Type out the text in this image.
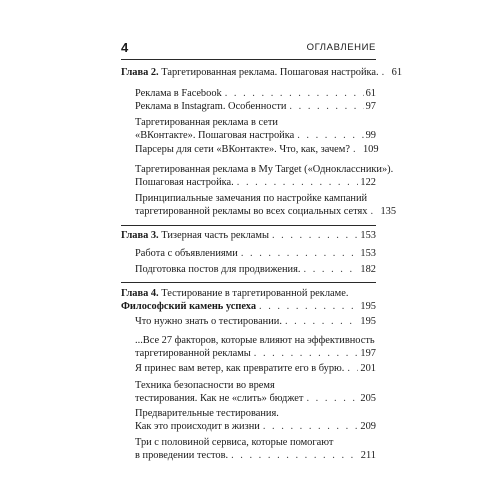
4	ОГЛАВЛЕНИЕ
Глава 2.
Таргетированная реклама. Пошаговая настройка. . . . 61
Реклама в Facebook . . .	61
Реклама в Instagram. Особенности . . .	97
Таргетированная реклама в сети
«ВКонтакте». Пошаговая настройка . . .	99
Парсеры для сети «ВКонтакте». Что, как, зачем? . . . 109
Таргетированная реклама в My Target («Одноклассники»).
Пошаговая настройка. . . .	122
Принципиальные замечания по настройке кампаний
таргетированной рекламы во всех социальных сетях . . . 135
Глава 3.
Тизерная часть рекламы . . .	153
Работа с объявлениями . . .	153
Подготовка постов для продвижения. . . .	182
Глава 4.
Тестирование в таргетированной рекламе.
Философский камень успеха . . .	195
Что нужно знать о тестировании. . . .	195
...Все 27 факторов, которые влияют на эффективность
таргетированной рекламы . . .	197
Я принес вам ветер, как превратите его в бурю. . . . 201
Техника безопасности во время
тестирования. Как не «слить» бюджет . . .	205
Предварительные тестирования.
Как это происходит в жизни . . .	209
Три с половиной сервиса, которые помогают
в проведении тестов. . . .	211
